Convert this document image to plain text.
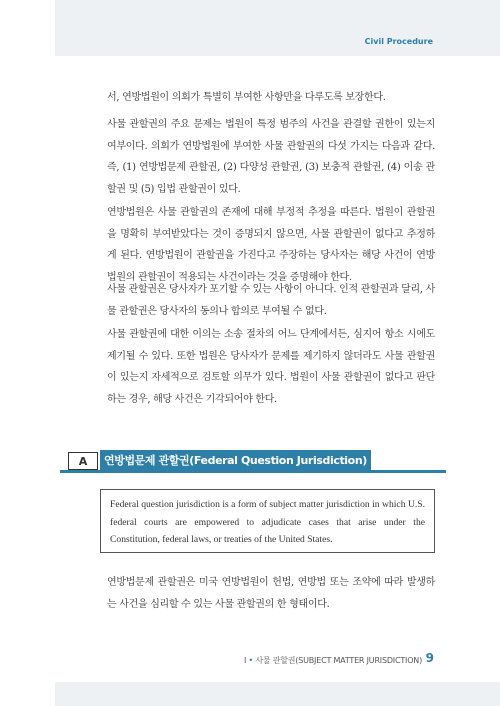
Civil Procedure

서, 연방법원이 의회가 특별히 부여한 사항만을 다루도록 보장한다.

사물 관할권의 주요 문제는 법원이 특정 범주의 사건을 관결할 권한이 있는지 여부이다. 의회가 연방법원에 부여한 사물 관할권의 다섯 가지는 다음과 같다. 즉, (1) 연방법문제 관할권, (2) 다양성 관할권, (3) 보충적 관할권, (4) 이송 관할권 및 (5) 입법 관할권이 있다.

연방법원은 사물 관할권의 존재에 대해 부정적 추정을 따른다. 법원이 관할권을 명확히 부여받았다는 것이 증명되지 않으면, 사물 관할권이 없다고 추정하게 된다. 연방법원이 관할권을 가진다고 주장하는 당사자는 해당 사건이 연방법원의 관할권이 적용되는 사건이라는 것을 증명해야 한다.

사물 관할권은 당사자가 포기할 수 있는 사항이 아니다. 인적 관할권과 달리, 사물 관할권은 당사자의 동의나 합의로 부여될 수 없다.

사물 관할권에 대한 이의는 소송 절차의 어느 단계에서든, 심지어 항소 시에도 제기될 수 있다. 또한 법원은 당사자가 문제를 제기하지 않더라도 사물 관할권이 있는지 자세적으로 검토할 의무가 있다. 법원이 사물 관할권이 없다고 판단하는 경우, 해당 사건은 기각되어야 한다.

A	연방법문제 관할권(Federal Question Jurisdiction)
Federal question jurisdiction is a form of subject matter jurisdiction in which U.S. federal courts are empowered to adjudicate cases that arise under the Constitution, federal laws, or treaties of the United States.

연방법문제 관할권은 미국 연방법원이 헌법, 연방법 또는 조약에 따라 발생하는 사건을 심리할 수 있는 사물 관할권의 한 형태이다.

I • 사물 관할권(SUBJECT MATTER JURISDICTION) 9
